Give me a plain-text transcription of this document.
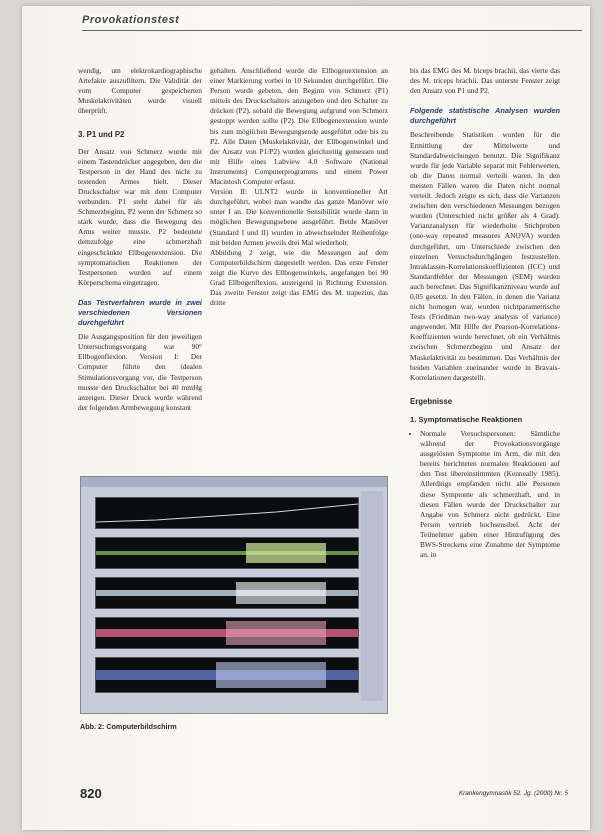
Provokationstest

wendig, um elektrokardiographische Artefakte auszufiltern. Die Validität der vom Computer gespeicherten Muskelaktivitäten wurde visuell überprüft.

3. P1 und P2

Der Ansatz von Schmerz wurde mit einem Tastendrücker angegeben, den die Testperson in der Hand des nicht zu testenden Armes hielt. Dieser Druckschalter war mit dem Computer verbunden. P1 steht dabei für als Schmerzbeginn, P2 wenn der Schmerz so stark wurde, dass die Bewegung des Arms weiter musste. P2 bedeutete demzufolge eine schmerzhaft eingeschränkte Ellbogenextension. Die symptomatischen Reaktionen der Testpersonen wurden auf einem Körperschema eingetragen.

Das Testverfahren wurde in zwei verschiedenen Versionen durchgeführt

Die Ausgangsposition für den jeweiligen Untersuchungsvorgang war 90° Ellbogenflexion. Version I: Der Computer führte den idealen Stimulationsvorgang vor, die Testperson musste den Druckschalter bei 40 mmHg anzeigen. Dieser Druck wurde während der folgenden Armbewegung konstant

gehalten. Anschließend wurde die Ellbogenextension an einer Markierung vorbei in 10 Sekunden durchgeführt. Die Person wurde gebeten, den Beginn von Schmerz (P1) mittels des Druckschalters anzugeben und den Schalter zu drücken (P2), sobald die Bewegung aufgrund von Schmerz gestoppt werden sollte (P2). Die Ellbogenextension wurde bis zum möglichen Bewegungsende ausgeführt oder bis zu P2. Alle Daten (Muskelaktivität, der Ellbogenwinkel und der Ansatz von P1/P2) wurden gleichzeitig gemessen und mit Hilfe eines Labview 4.0 Software (National Instruments) Computerprogramms und einem Power Macintosh Computer erfasst.

Version II: ULNT2 wurde in konventioneller Art durchgeführt, wobei man wandte das ganze Manöver wie unter I an. Die konventionelle Sensibilität wurde dann in möglichen Bewegungsebene ausgeführt. Beide Manöver (Standard I und II) wurden in abwechselnder Reihenfolge mit beiden Armen jeweils drei Mal wiederholt.

Abbildung 2 zeigt, wie die Messungen auf dem Computerbildschirm dargestellt werden. Das erste Fenster zeigt die Kurve des Ellbogenwinkels, angefangen bei 90 Grad Ellbogenflexion, ansteigend in Richtung Extension. Das zweite Fenster zeigt das EMG des M. trapezius, das dritte

bis das EMG des M. biceps brachii, das vierte das des M. triceps brachii. Das unterste Fenster zeigt den Ansatz von P1 und P2.

Folgende statistische Analysen wurden durchgeführt

Beschreibende Statistiken wurden für die Ermittlung der Mittelwerte und Standardabweichungen benutzt. Die Signifikanz wurde für jede Variable separat mit Fehlerwerten, ob die Daten normal verteilt waren. In den meisten Fällen waren die Daten nicht normal verteilt. Jedoch zeigte es sich, dass die Varianzen zwischen den verschiedenen Messungen bezogen wurden (Unterschied nicht größer als 4 Grad). Varianzanalysen für wiederholte Stichproben (one-way repeated measures ANOVA) wurden durchgeführt, um Unterschiede zwischen den einzelnen Versuchsdurchgängen festzustellen. Intraklassen-Korrelationskoeffizienten (ICC) und Standardfehler der Messungen (SEM) wurden auch berechnet. Das Signifikanzniveau wurde auf 0,05 gesetzt. In den Fällen, in denen die Varianz nicht homogen war, wurden nichtparametrische Tests (Friedman two-way analysis of variance) angewendet. Mit Hilfe der Pearson-Korrelations-Koeffizienten wurde berechnet, ob ein Verhältnis zwischen Schmerzbeginn und Ansatz der Muskelaktivität zu bestimmen. Das Verhältnis der beiden Variablen zueinander wurde in Bravais-Korrelationen dargestellt.

Ergebnisse
1. Symptomatische Reaktionen
• Normale Versuchspersonen: Sämtliche während der Provokationsvorgänge ausgelösten Symptome im Arm, die mit den bereits berichteten normalen Reaktionen auf den Test übereinstimmten (Kenneally 1985). Allerdings empfanden nicht alle Personen diese Symptome als schmerzhaft, und in diesen Fällen wurde der Druckschalter zur Angabe von Schmerz nicht gedrückt. Eine Person vertrieb hochsensibel. Acht der Teilnehmer gaben einer Hinzufügung des BWS-Streckens eine Zunahme der Symptome an, in
Abb. 2: Computerbildschirm
820	Krankengymnastik 52. Jg. (2000) Nr. 5
